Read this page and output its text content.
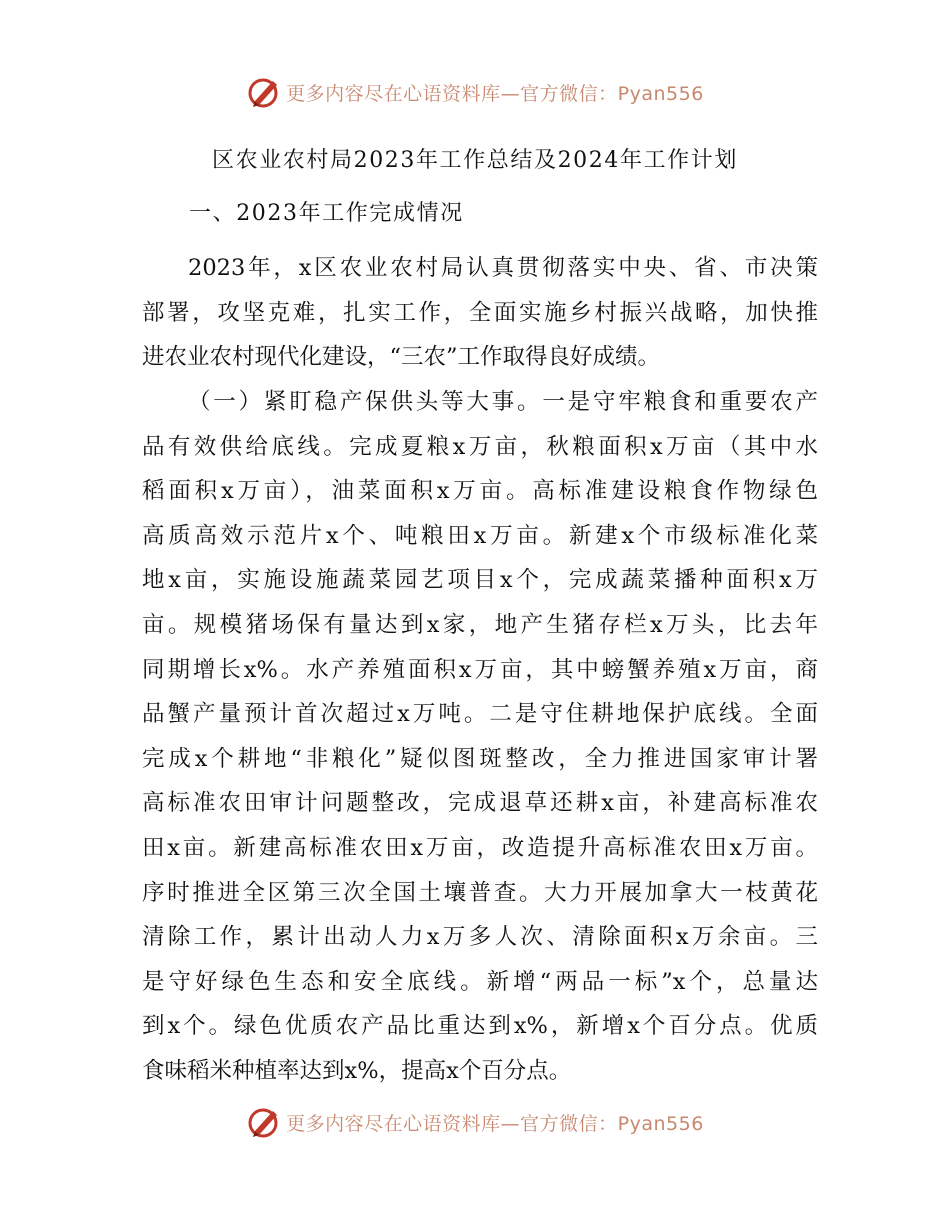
更多内容尽在心语资料库—官方微信：Pyan556
区农业农村局2023年工作总结及2024年工作计划
一、2023年工作完成情况
2023年，x区农业农村局认真贯彻落实中央、省、市决策
部署，攻坚克难，扎实工作，全面实施乡村振兴战略，加快推
进农业农村现代化建设，“三农”工作取得良好成绩。
（一）紧盯稳产保供头等大事。一是守牢粮食和重要农产
品有效供给底线。完成夏粮x万亩，秋粮面积x万亩（其中水
稻面积x万亩），油菜面积x万亩。高标准建设粮食作物绿色
高质高效示范片x个、吨粮田x万亩。新建x个市级标准化菜
地x亩，实施设施蔬菜园艺项目x个，完成蔬菜播种面积x万
亩。规模猪场保有量达到x家，地产生猪存栏x万头，比去年
同期增长x%。水产养殖面积x万亩，其中螃蟹养殖x万亩，商
品蟹产量预计首次超过x万吨。二是守住耕地保护底线。全面
完成x个耕地“非粮化”疑似图斑整改，全力推进国家审计署
高标准农田审计问题整改，完成退草还耕x亩，补建高标准农
田x亩。新建高标准农田x万亩，改造提升高标准农田x万亩。
序时推进全区第三次全国土壤普查。大力开展加拿大一枝黄花
清除工作，累计出动人力x万多人次、清除面积x万余亩。三
是守好绿色生态和安全底线。新增“两品一标”x个，总量达
到x个。绿色优质农产品比重达到x%，新增x个百分点。优质
食味稻米种植率达到x%，提高x个百分点。
更多内容尽在心语资料库—官方微信：Pyan556
